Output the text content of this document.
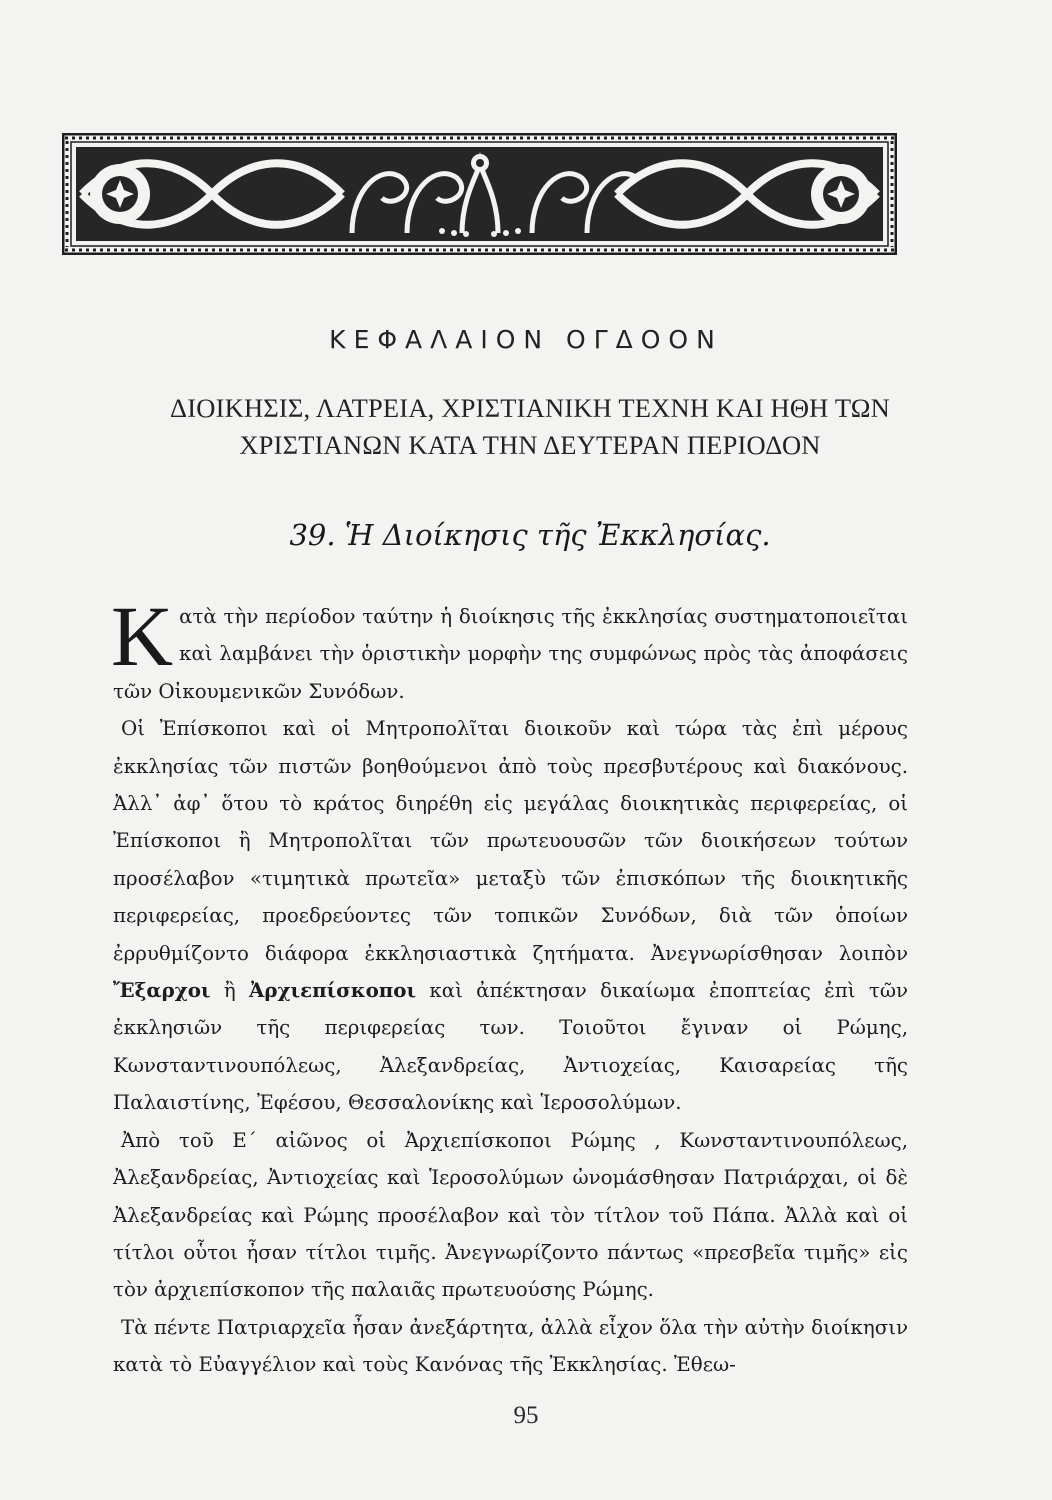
ΚΕΦΑΛΑΙΟΝ ΟΓΔΟΟΝ
ΔΙΟΙΚΗΣΙΣ, ΛΑΤΡΕΙΑ, ΧΡΙΣΤΙΑΝΙΚΗ ΤΕΧΝΗ ΚΑΙ ΗΘΗ ΤΩΝ
ΧΡΙΣΤΙΑΝΩΝ ΚΑΤΑ ΤΗΝ ΔΕΥΤΕΡΑΝ ΠΕΡΙΟΔΟΝ
39. Ἡ Διοίκησις τῆς Ἐκκλησίας.

Κατὰ τὴν περίοδον ταύτην ἡ διοίκησις τῆς ἐκκλησίας συστηματοποιεῖται καὶ λαμβάνει τὴν ὁριστικὴν μορφὴν της συμφώνως πρὸς τὰς ἀποφάσεις τῶν Οἰκουμενικῶν Συνόδων.

Οἱ Ἐπίσκοποι καὶ οἱ Μητροπολῖται διοικοῦν καὶ τώρα τὰς ἐπὶ μέρους ἐκκλησίας τῶν πιστῶν βοηθούμενοι ἀπὸ τοὺς πρεσβυτέρους καὶ διακόνους. Ἀλλ᾽ ἀφ᾽ ὅτου τὸ κράτος διηρέθη εἰς μεγάλας διοικητικὰς περιφερείας, οἱ Ἐπίσκοποι ἢ Μητροπολῖται τῶν πρωτευουσῶν τῶν διοικήσεων τούτων προσέλαβον «τιμητικὰ πρωτεῖα» μεταξὺ τῶν ἐπισκόπων τῆς διοικητικῆς περιφερείας, προεδρεύοντες τῶν τοπικῶν Συνόδων, διὰ τῶν ὁποίων ἐρρυθμίζοντο διάφορα ἐκκλησιαστικὰ ζητήματα. Ἀνεγνωρίσθησαν λοιπὸν Ἔξαρχοι ἢ Ἀρχιεπίσκοποι καὶ ἀπέκτησαν δικαίωμα ἐποπτείας ἐπὶ τῶν ἐκκλησιῶν τῆς περιφερείας των. Τοιοῦτοι ἔγιναν οἱ Ρώμης, Κωνσταντινουπόλεως, Ἀλεξανδρείας, Ἀντιοχείας, Καισαρείας τῆς Παλαιστίνης, Ἐφέσου, Θεσσαλονίκης καὶ Ἱεροσολύμων.

Ἀπὸ τοῦ Ε΄ αἰῶνος οἱ Ἀρχιεπίσκοποι Ρώμης , Κωνσταντινουπόλεως, Ἀλεξανδρείας, Ἀντιοχείας καὶ Ἱεροσολύμων ὠνομάσθησαν Πατριάρχαι, οἱ δὲ Ἀλεξανδρείας καὶ Ρώμης προσέλαβον καὶ τὸν τίτλον τοῦ Πάπα. Ἀλλὰ καὶ οἱ τίτλοι οὗτοι ἦσαν τίτλοι τιμῆς. Ἀνεγνωρίζοντο πάντως «πρεσβεῖα τιμῆς» εἰς τὸν ἀρχιεπίσκοπον τῆς παλαιᾶς πρωτευούσης Ρώμης.

Τὰ πέντε Πατριαρχεῖα ἦσαν ἀνεξάρτητα, ἀλλὰ εἶχον ὅλα τὴν αὐτὴν διοίκησιν κατὰ τὸ Εὐαγγέλιον καὶ τοὺς Κανόνας τῆς Ἐκκλησίας. Ἐθεω-

95
